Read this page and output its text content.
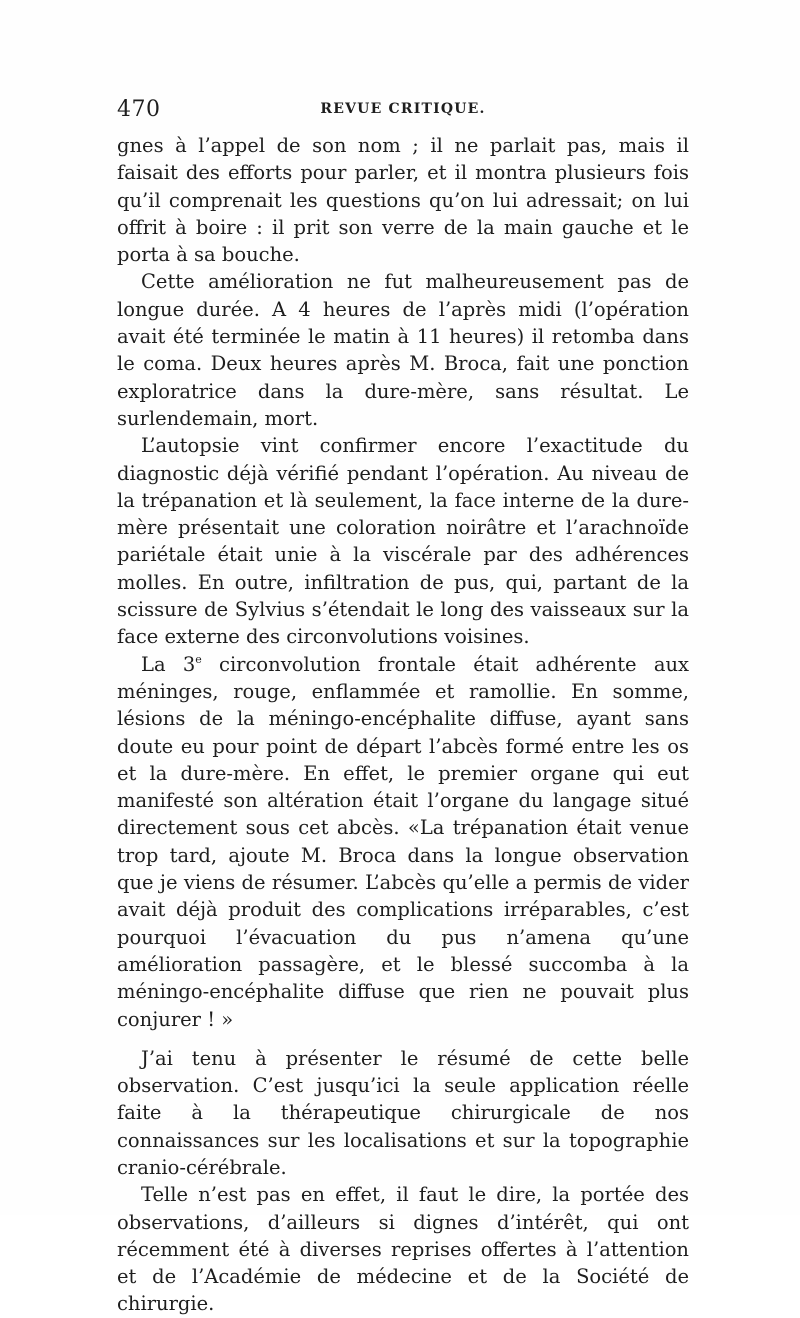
470	REVUE CRITIQUE.

gnes à l’appel de son nom ; il ne parlait pas, mais il faisait des efforts pour parler, et il montra plusieurs fois qu’il comprenait les questions qu’on lui adressait; on lui offrit à boire : il prit son verre de la main gauche et le porta à sa bouche.

Cette amélioration ne fut malheureusement pas de longue durée. A 4 heures de l’après midi (l’opération avait été terminée le matin à 11 heures) il retomba dans le coma. Deux heures après M. Broca, fait une ponction exploratrice dans la dure-mère, sans résultat. Le surlendemain, mort.

L’autopsie vint confirmer encore l’exactitude du diagnostic déjà vérifié pendant l’opération. Au niveau de la trépanation et là seulement, la face interne de la dure-mère présentait une coloration noirâtre et l’arachnoïde pariétale était unie à la viscérale par des adhérences molles. En outre, infiltration de pus, qui, partant de la scissure de Sylvius s’étendait le long des vaisseaux sur la face externe des circonvolutions voisines.

La 3e circonvolution frontale était adhérente aux méninges, rouge, enflammée et ramollie. En somme, lésions de la méningo-encéphalite diffuse, ayant sans doute eu pour point de départ l’abcès formé entre les os et la dure-mère. En effet, le premier organe qui eut manifesté son altération était l’organe du langage situé directement sous cet abcès. «La trépanation était venue trop tard, ajoute M. Broca dans la longue observation que je viens de résumer. L’abcès qu’elle a permis de vider avait déjà produit des complications irréparables, c’est pourquoi l’évacuation du pus n’amena qu’une amélioration passagère, et le blessé succomba à la méningo-encéphalite diffuse que rien ne pouvait plus conjurer ! »

J’ai tenu à présenter le résumé de cette belle observation. C’est jusqu’ici la seule application réelle faite à la thérapeutique chirurgicale de nos connaissances sur les localisations et sur la topographie cranio-cérébrale.

Telle n’est pas en effet, il faut le dire, la portée des observations, d’ailleurs si dignes d’intérêt, qui ont récemment été à diverses reprises offertes à l’attention et de l’Académie de médecine et de la Société de chirurgie.
